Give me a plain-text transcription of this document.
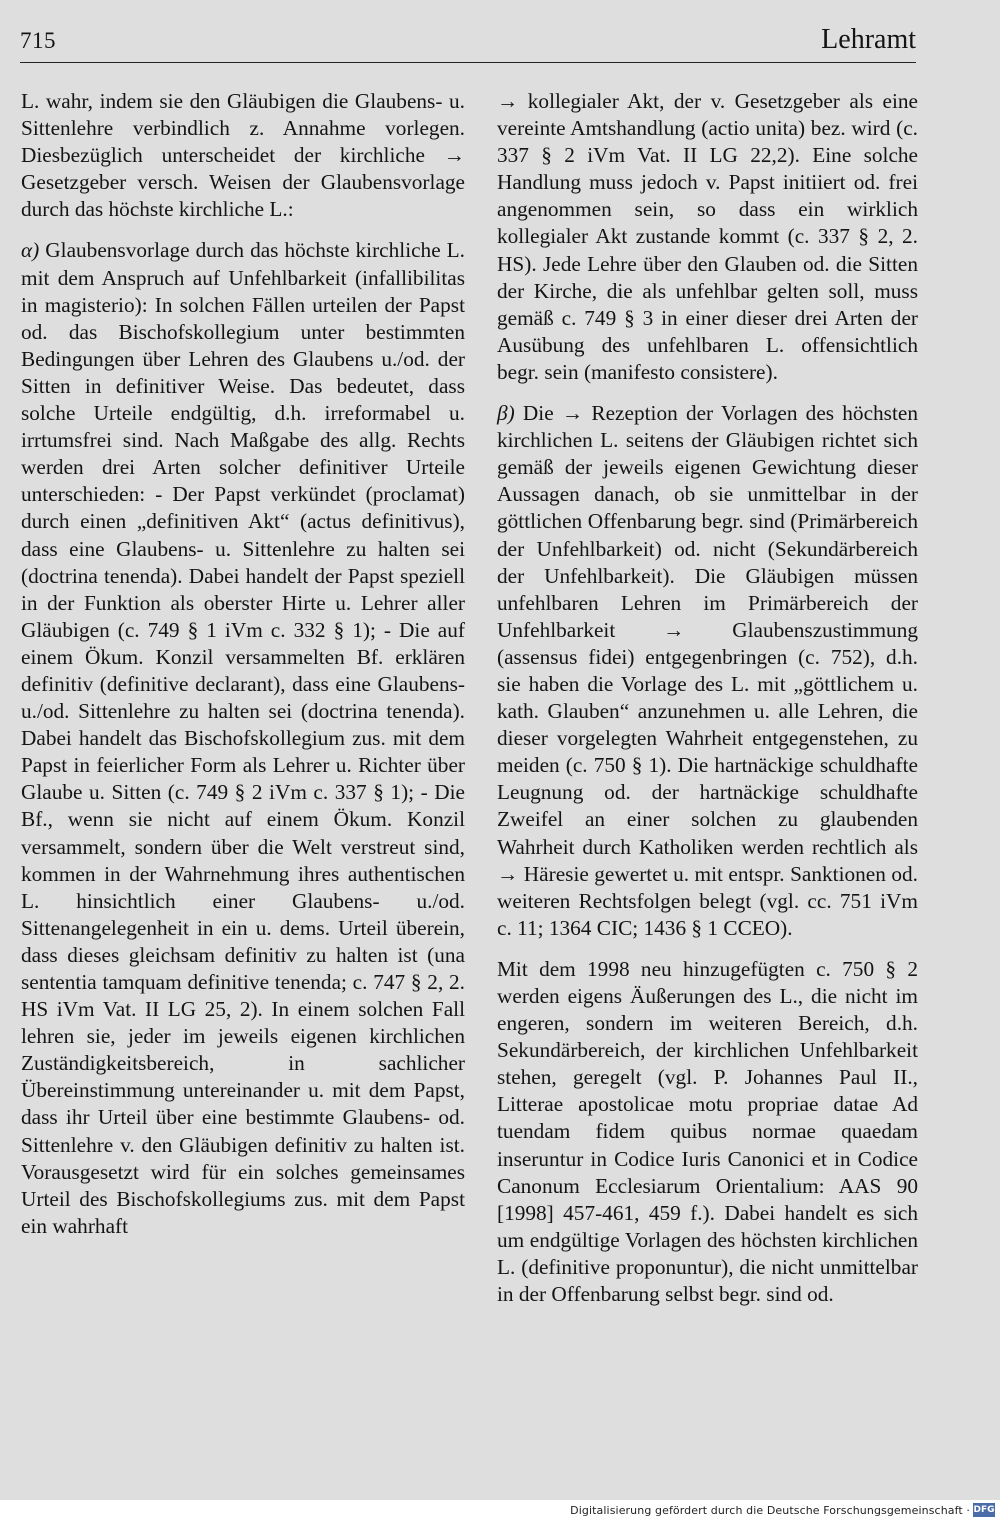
715	Lehramt

L. wahr, indem sie den Gläubigen die Glaubens- u. Sittenlehre verbindlich z. Annahme vorlegen. Diesbezüglich unterscheidet der kirchliche → Gesetzgeber versch. Weisen der Glaubensvorlage durch das höchste kirchliche L.:

α) Glaubensvorlage durch das höchste kirchliche L. mit dem Anspruch auf Unfehlbarkeit (infallibilitas in magisterio): In solchen Fällen urteilen der Papst od. das Bischofskollegium unter bestimmten Bedingungen über Lehren des Glaubens u./od. der Sitten in definitiver Weise. Das bedeutet, dass solche Urteile endgültig, d.h. irreformabel u. irrtumsfrei sind. Nach Maßgabe des allg. Rechts werden drei Arten solcher definitiver Urteile unterschieden: - Der Papst verkündet (proclamat) durch einen „definitiven Akt“ (actus definitivus), dass eine Glaubens- u. Sittenlehre zu halten sei (doctrina tenenda). Dabei handelt der Papst speziell in der Funktion als oberster Hirte u. Lehrer aller Gläubigen (c. 749 § 1 iVm c. 332 § 1); - Die auf einem Ökum. Konzil versammelten Bf. erklären definitiv (definitive declarant), dass eine Glaubens- u./od. Sittenlehre zu halten sei (doctrina tenenda). Dabei handelt das Bischofskollegium zus. mit dem Papst in feierlicher Form als Lehrer u. Richter über Glaube u. Sitten (c. 749 § 2 iVm c. 337 § 1); - Die Bf., wenn sie nicht auf einem Ökum. Konzil versammelt, sondern über die Welt verstreut sind, kommen in der Wahrnehmung ihres authentischen L. hinsichtlich einer Glaubens- u./od. Sittenangelegenheit in ein u. dems. Urteil überein, dass dieses gleichsam definitiv zu halten ist (una sententia tamquam definitive tenenda; c. 747 § 2, 2. HS iVm Vat. II LG 25, 2). In einem solchen Fall lehren sie, jeder im jeweils eigenen kirchlichen Zuständigkeitsbereich, in sachlicher Übereinstimmung untereinander u. mit dem Papst, dass ihr Urteil über eine bestimmte Glaubens- od. Sittenlehre v. den Gläubigen definitiv zu halten ist. Vorausgesetzt wird für ein solches gemeinsames Urteil des Bischofskollegiums zus. mit dem Papst ein wahrhaft

→ kollegialer Akt, der v. Gesetzgeber als eine vereinte Amtshandlung (actio unita) bez. wird (c. 337 § 2 iVm Vat. II LG 22,2). Eine solche Handlung muss jedoch v. Papst initiiert od. frei angenommen sein, so dass ein wirklich kollegialer Akt zustande kommt (c. 337 § 2, 2. HS). Jede Lehre über den Glauben od. die Sitten der Kirche, die als unfehlbar gelten soll, muss gemäß c. 749 § 3 in einer dieser drei Arten der Ausübung des unfehlbaren L. offensichtlich begr. sein (manifesto consistere).

β) Die → Rezeption der Vorlagen des höchsten kirchlichen L. seitens der Gläubigen richtet sich gemäß der jeweils eigenen Gewichtung dieser Aussagen danach, ob sie unmittelbar in der göttlichen Offenbarung begr. sind (Primärbereich der Unfehlbarkeit) od. nicht (Sekundärbereich der Unfehlbarkeit). Die Gläubigen müssen unfehlbaren Lehren im Primärbereich der Unfehlbarkeit → Glaubenszustimmung (assensus fidei) entgegenbringen (c. 752), d.h. sie haben die Vorlage des L. mit „göttlichem u. kath. Glauben“ anzunehmen u. alle Lehren, die dieser vorgelegten Wahrheit entgegenstehen, zu meiden (c. 750 § 1). Die hartnäckige schuldhafte Leugnung od. der hartnäckige schuldhafte Zweifel an einer solchen zu glaubenden Wahrheit durch Katholiken werden rechtlich als → Häresie gewertet u. mit entspr. Sanktionen od. weiteren Rechtsfolgen belegt (vgl. cc. 751 iVm c. 11; 1364 CIC; 1436 § 1 CCEO).

Mit dem 1998 neu hinzugefügten c. 750 § 2 werden eigens Äußerungen des L., die nicht im engeren, sondern im weiteren Bereich, d.h. Sekundärbereich, der kirchlichen Unfehlbarkeit stehen, geregelt (vgl. P. Johannes Paul II., Litterae apostolicae motu propriae datae Ad tuendam fidem quibus normae quaedam inseruntur in Codice Iuris Canonici et in Codice Canonum Ecclesiarum Orientalium: AAS 90 [1998] 457-461, 459 f.). Dabei handelt es sich um endgültige Vorlagen des höchsten kirchlichen L. (definitive proponuntur), die nicht unmittelbar in der Offenbarung selbst begr. sind od.

Digitalisierung gefördert durch die Deutsche Forschungsgemeinschaft · DFG
